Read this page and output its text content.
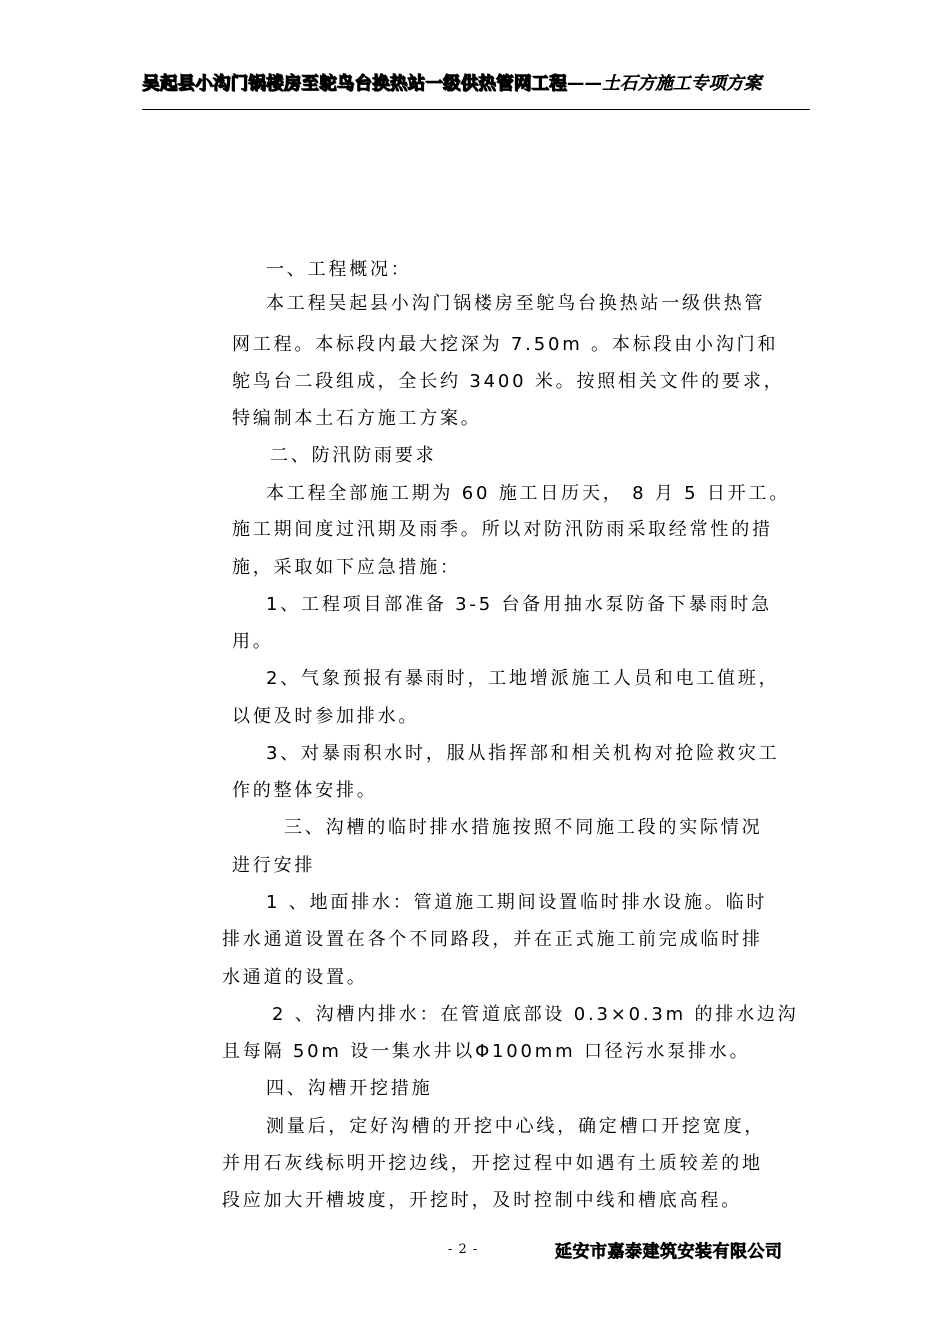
吴起县小沟门锅楼房至鸵鸟台换热站一级供热管网工程——土石方施工专项方案
一、工程概况：
本工程吴起县小沟门锅楼房至鸵鸟台换热站一级供热管
网工程。本标段内最大挖深为 7.50m 。本标段由小沟门和
鸵鸟台二段组成，全长约 3400 米。按照相关文件的要求，
特编制本土石方施工方案。
二、防汛防雨要求
本工程全部施工期为 60 施工日历天， 8 月 5 日开工。
施工期间度过汛期及雨季。所以对防汛防雨采取经常性的措
施，采取如下应急措施：
1、工程项目部准备 3-5 台备用抽水泵防备下暴雨时急
用。
2、气象预报有暴雨时，工地增派施工人员和电工值班，
以便及时参加排水。
3、对暴雨积水时，服从指挥部和相关机构对抢险救灾工
作的整体安排。
三、沟槽的临时排水措施按照不同施工段的实际情况
进行安排
1 、地面排水：管道施工期间设置临时排水设施。临时
排水通道设置在各个不同路段，并在正式施工前完成临时排
水通道的设置。
2 、沟槽内排水：在管道底部设 0.3×0.3m 的排水边沟
且每隔 50m 设一集水井以Φ100mm 口径污水泵排水。
四、沟槽开挖措施
测量后，定好沟槽的开挖中心线，确定槽口开挖宽度，
并用石灰线标明开挖边线，开挖过程中如遇有土质较差的地
段应加大开槽坡度，开挖时，及时控制中线和槽底高程。
- 2 -	延安市嘉泰建筑安装有限公司
